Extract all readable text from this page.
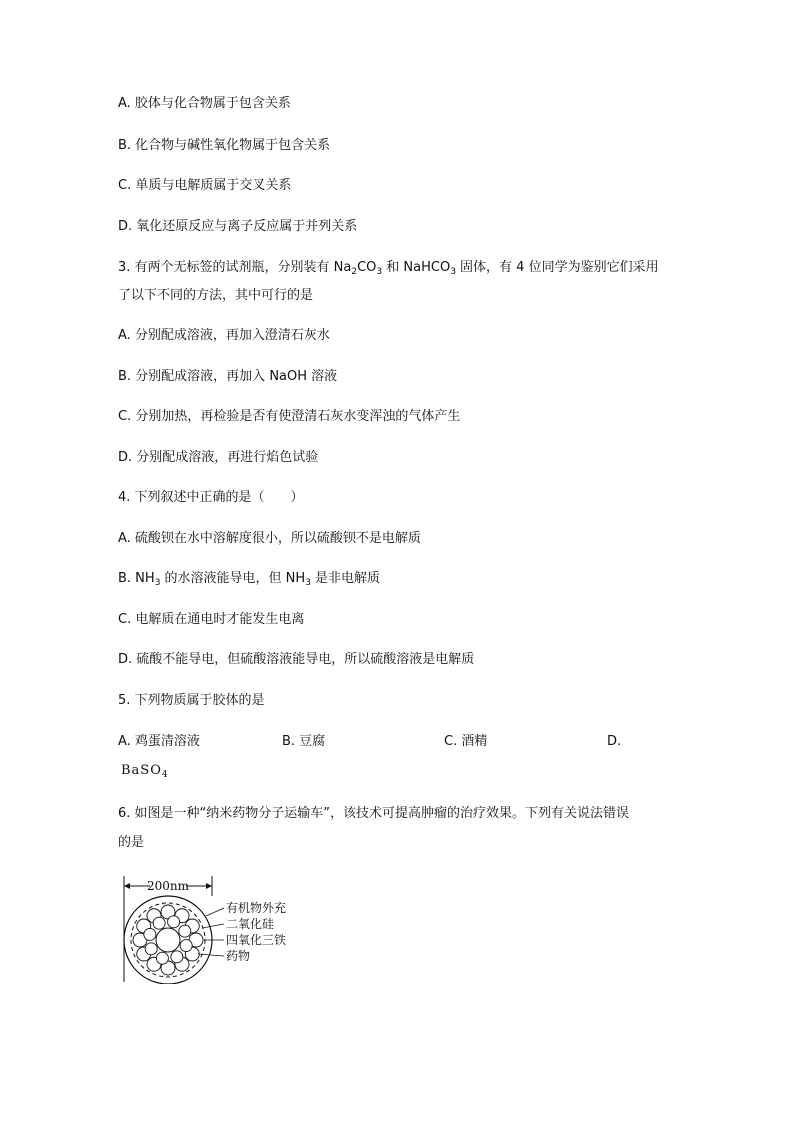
A. 胶体与化合物属于包含关系
B. 化合物与碱性氧化物属于包含关系
C. 单质与电解质属于交叉关系
D. 氧化还原反应与离子反应属于并列关系
3. 有两个无标签的试剂瓶，分别装有 $Na_2CO_3$ 和 NaHCO$_3$ 固体，有 4 位同学为鉴别它们采用
了以下不同的方法，其中可行的是
A. 分别配成溶液，再加入澄清石灰水
B. 分别配成溶液，再加入 NaOH 溶液
C. 分别加热，再检验是否有使澄清石灰水变浑浊的气体产生
D. 分别配成溶液，再进行焰色试验
4. 下列叙述中正确的是（　　）
A. 硫酸钡在水中溶解度很小，所以硫酸钡不是电解质
B. $NH_3$ 的水溶液能导电，但 $NH_3$ 是非电解质
C. 电解质在通电时才能发生电离
D. 硫酸不能导电，但硫酸溶液能导电，所以硫酸溶液是电解质
5. 下列物质属于胶体的是
A. 鸡蛋清溶液	B. 豆腐	C. 酒精	D.
BaSO$_4$
6. 如图是一种“纳米药物分子运输车”，该技术可提高肿瘤的治疗效果。下列有关说法错误
的是
200nm
有机物外充
二氧化硅
四氧化三铁
药物
